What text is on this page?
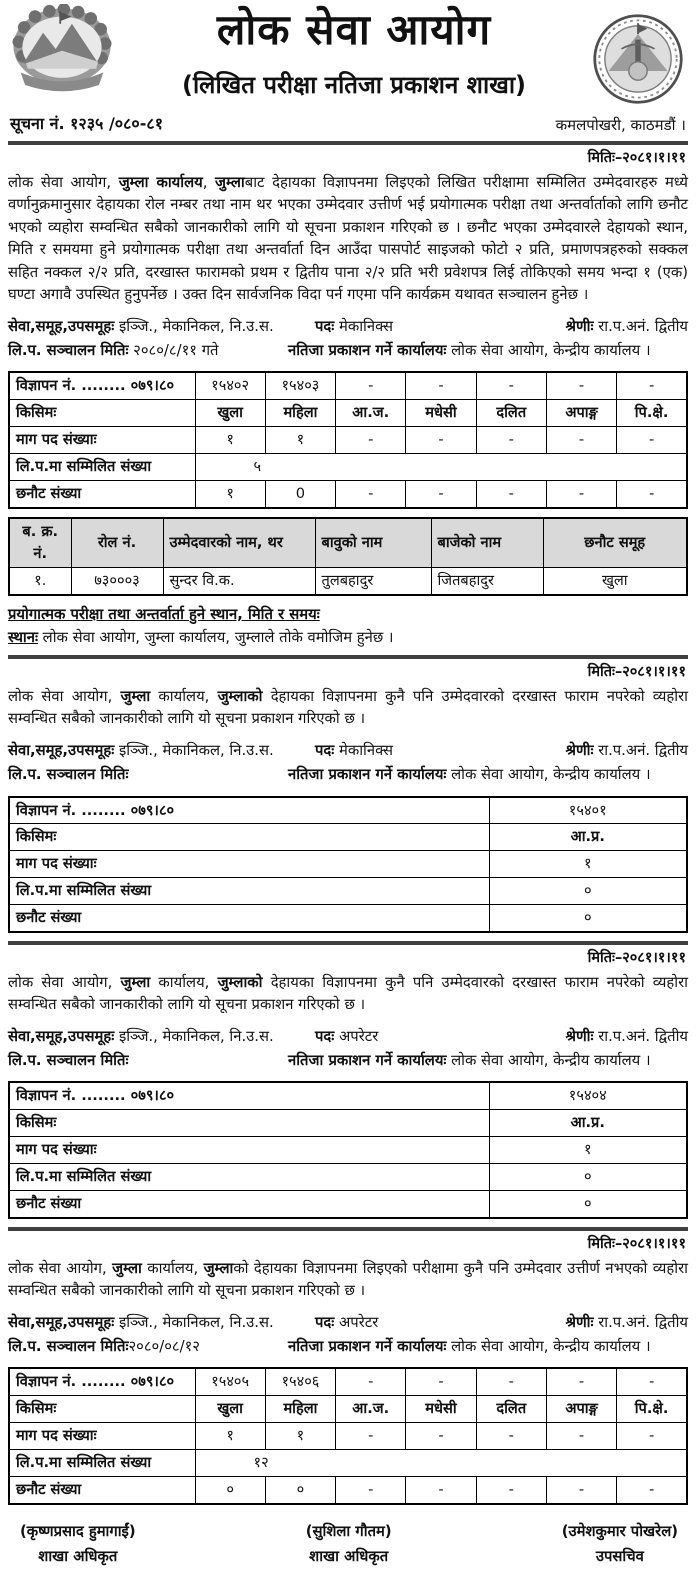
लोक सेवा आयोग
(लिखित परीक्षा नतिजा प्रकाशन शाखा)
सूचना नं. १२३५ /०८०-८१	कमलपोखरी, काठमडौं ।
मितिः–२०८१।१।११

लोक सेवा आयोग, जुम्ला कार्यालय, जुम्लाबाट देहायका विज्ञापनमा लिइएको लिखित परीक्षामा सम्मिलित उम्मेदवारहरु मध्ये वर्णानुक्रमानुसार देहायका रोल नम्बर तथा नाम थर भएका उम्मेदवार उत्तीर्ण भई प्रयोगात्मक परीक्षा तथा अन्तर्वार्ताको लागि छनौट भएको व्यहोरा सम्वन्धित सबैको जानकारीको लागि यो सूचना प्रकाशन गरिएको छ । छनौट भएका उम्मेदवारले देहायको स्थान, मिति र समयमा हुने प्रयोगात्मक परीक्षा तथा अन्तर्वार्ता दिन आउँदा पासपोर्ट साइजको फोटो २ प्रति, प्रमाणपत्रहरुको सक्कल सहित नक्कल २/२ प्रति, दरखास्त फारामको प्रथम र द्वितीय पाना २/२ प्रति भरी प्रवेशपत्र लिई तोकिएको समय भन्दा १ (एक) घण्टा अगावै उपस्थित हुनुपर्नेछ । उक्त दिन सार्वजनिक विदा पर्न गएमा पनि कार्यक्रम यथावत सञ्चालन हुनेछ ।

सेवा,समूह,उपसमूहः इञ्जि., मेकानिकल, नि.उ.स.	पदः मेकानिक्स	श्रेणीः रा.प.अनं. द्वितीय
लि.प. सञ्चालन मितिः २०८०/८/११ गते	नतिजा प्रकाशन गर्ने कार्यालयः लोक सेवा आयोग, केन्द्रीय कार्यालय ।
विज्ञापन नं. ........ ०७९।८०	१५४०२	१५४०३	-	-	-	-	-
किसिमः	खुला	महिला	आ.ज.	मधेसी	दलित	अपाङ्ग	पि.क्षे.
माग पद संख्याः	१	१	-	-	-	-	-
लि.प.मा सम्मिलित संख्या	५						
छनौट संख्या	१	0	-	-	-	-	-
ब. क्र. नं.	रोल नं.	उम्मेदवारको नाम, थर	बावुको नाम	बाजेको नाम	छनौट समूह
१.	७३०००३	सुन्दर वि.क.	तुलबहादुर	जितबहादुर	खुला
प्रयोगात्मक परीक्षा तथा अन्तर्वार्ता हुने स्थान, मिति र समयः
स्थानः लोक सेवा आयोग, जुम्ला कार्यालय, जुम्लाले तोके वमोजिम हुनेछ ।
मितिः–२०८१।१।११

लोक सेवा आयोग, जुम्ला कार्यालय, जुम्लाको देहायका विज्ञापनमा कुनै पनि उम्मेदवारको दरखास्त फाराम नपरेको व्यहोरा सम्वन्धित सबैको जानकारीको लागि यो सूचना प्रकाशन गरिएको छ ।

सेवा,समूह,उपसमूहः इञ्जि., मेकानिकल, नि.उ.स.	पदः मेकानिक्स	श्रेणीः रा.प.अनं. द्वितीय
लि.प. सञ्चालन मितिः	नतिजा प्रकाशन गर्ने कार्यालयः लोक सेवा आयोग, केन्द्रीय कार्यालय ।
विज्ञापन नं. ........ ०७९।८०	१५४०१
किसिमः	आ.प्र.
माग पद संख्याः	१
लि.प.मा सम्मिलित संख्या	०
छनौट संख्या	०
मितिः–२०८१।१।११

लोक सेवा आयोग, जुम्ला कार्यालय, जुम्लाको देहायका विज्ञापनमा कुनै पनि उम्मेदवारको दरखास्त फाराम नपरेको व्यहोरा सम्वन्धित सबैको जानकारीको लागि यो सूचना प्रकाशन गरिएको छ ।

सेवा,समूह,उपसमूहः इञ्जि., मेकानिकल, नि.उ.स.	पदः अपरेटर	श्रेणीः रा.प.अनं. द्वितीय
लि.प. सञ्चालन मितिः	नतिजा प्रकाशन गर्ने कार्यालयः लोक सेवा आयोग, केन्द्रीय कार्यालय ।
विज्ञापन नं. ........ ०७९।८०	१५४०४
किसिमः	आ.प्र.
माग पद संख्याः	१
लि.प.मा सम्मिलित संख्या	०
छनौट संख्या	०
मितिः–२०८१।१।११

लोक सेवा आयोग, जुम्ला कार्यालय, जुम्लाको देहायका विज्ञापनमा लिइएको परीक्षामा कुनै पनि उम्मेदवार उत्तीर्ण नभएको व्यहोरा सम्वन्धित सबैको जानकारीको लागि यो सूचना प्रकाशन गरिएको छ ।

सेवा,समूह,उपसमूहः इञ्जि., मेकानिकल, नि.उ.स.	पदः अपरेटर	श्रेणीः रा.प.अनं. द्वितीय
लि.प. सञ्चालन मितिः२०८०/०८/१२	नतिजा प्रकाशन गर्ने कार्यालयः लोक सेवा आयोग, केन्द्रीय कार्यालय ।
विज्ञापन नं. ........ ०७९।८०	१५४०५	१५४०६	-	-	-	-	-
किसिमः	खुला	महिला	आ.ज.	मधेसी	दलित	अपाङ्ग	पि.क्षे.
माग पद संख्याः	१	१	-	-	-	-	-
लि.प.मा सम्मिलित संख्या	१२						
छनौट संख्या	०	०	-	-	-	-	-
(कृष्णप्रसाद हुमागाईं)
शाखा अधिकृत
(सुशिला गौतम)
शाखा अधिकृत
(उमेशकुमार पोखरेल)
उपसचिव
